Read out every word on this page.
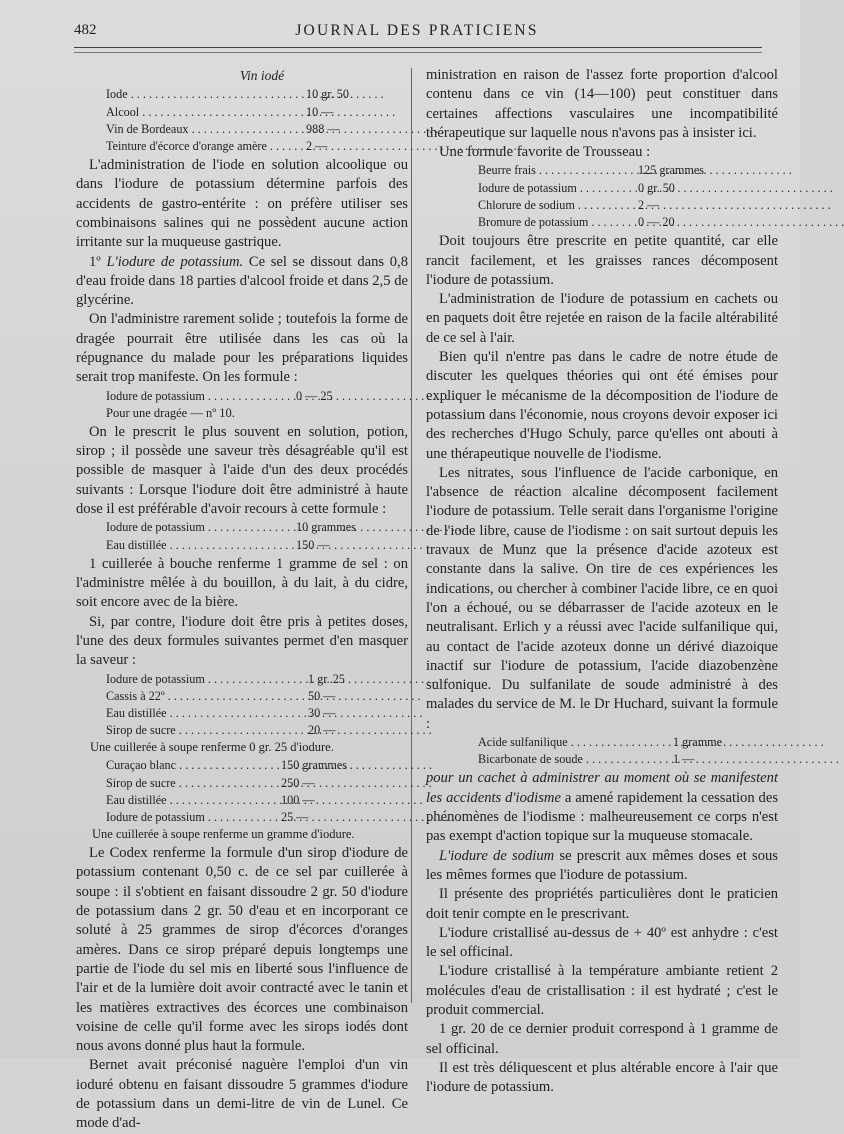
482	JOURNAL DES PRATICIENS
Vin iodé
Iode . . .	10 gr. 50
Alcool . . .	10 —
Vin de Bordeaux . . .	988 —
Teinture d'écorce d'orange amère . . .	2 —

L'administration de l'iode en solution alcoolique ou dans l'iodure de potassium détermine parfois des accidents de gastro-entérite : on préfère utiliser ses combinaisons salines qui ne possèdent aucune action irritante sur la muqueuse gastrique.

1º L'iodure de potassium. Ce sel se dissout dans 0,8 d'eau froide dans 18 parties d'alcool froide et dans 2,5 de glycérine.

On l'administre rarement solide ; toutefois la forme de dragée pourrait être utilisée dans les cas où la répugnance du malade pour les préparations liquides serait trop manifeste. On les formule :

Iodure de potassium . . .	0 — 25
Pour une dragée — nº 10.

On le prescrit le plus souvent en solution, potion, sirop ; il possède une saveur très désagréable qu'il est possible de masquer à l'aide d'un des deux procédés suivants : Lorsque l'iodure doit être administré à haute dose il est préférable d'avoir recours à cette formule :

Iodure de potassium . . .	10 grammes
Eau distillée . . .	150 —

1 cuillerée à bouche renferme 1 gramme de sel : on l'administre mêlée à du bouillon, à du lait, à du cidre, soit encore avec de la bière.

Si, par contre, l'iodure doit être pris à petites doses, l'une des deux formules suivantes permet d'en masquer la saveur :

Iodure de potassium . . .	1 gr. 25
Cassis à 22º . . .	50 —
Eau distillée . . .	30 —
Sirop de sucre . . .	20 —
Une cuillerée à soupe renferme 0 gr. 25 d'iodure.
Curaçao blanc . . .	150 grammes
Sirop de sucre . . .	250 —
Eau distillée . . .	100 —
Iodure de potassium . . .	25 —
Une cuillerée à soupe renferme un gramme d'iodure.

Le Codex renferme la formule d'un sirop d'iodure de potassium contenant 0,50 c. de ce sel par cuillerée à soupe : il s'obtient en faisant dissoudre 2 gr. 50 d'iodure de potassium dans 2 gr. 50 d'eau et en incorporant ce soluté à 25 grammes de sirop d'écorces d'oranges amères. Dans ce sirop préparé depuis longtemps une partie de l'iode du sel mis en liberté sous l'influence de l'air et de la lumière doit avoir contracté avec le tanin et les matières extractives des écorces une combinaison voisine de celle qu'il forme avec les sirops iodés dont nous avons donné plus haut la formule.

Bernet avait préconisé naguère l'emploi d'un vin ioduré obtenu en faisant dissoudre 5 grammes d'iodure de potassium dans un demi-litre de vin de Lunel. Ce mode d'ad-

ministration en raison de l'assez forte proportion d'alcool contenu dans ce vin (14—100) peut constituer dans certaines affections vasculaires une incompatibilité thérapeutique sur laquelle nous n'avons pas à insister ici.

Une formule favorite de Trousseau :

Beurre frais . . .	125 grammes
Iodure de potassium . . .	0 gr. 50
Chlorure de sodium . . .	2 —
Bromure de potassium . . .	0 — 20

Doit toujours être prescrite en petite quantité, car elle rancit facilement, et les graisses rances décomposent l'iodure de potassium.

L'administration de l'iodure de potassium en cachets ou en paquets doit être rejetée en raison de la facile altérabilité de ce sel à l'air.

Bien qu'il n'entre pas dans le cadre de notre étude de discuter les quelques théories qui ont été émises pour expliquer le mécanisme de la décomposition de l'iodure de potassium dans l'économie, nous croyons devoir exposer ici des recherches d'Hugo Schuly, parce qu'elles ont abouti à une thérapeutique nouvelle de l'iodisme.

Les nitrates, sous l'influence de l'acide carbonique, en l'absence de réaction alcaline décomposent facilement l'iodure de potassium. Telle serait dans l'organisme l'origine de l'iode libre, cause de l'iodisme : on sait surtout depuis les travaux de Munz que la présence d'acide azoteux est constante dans la salive. On tire de ces expériences les indications, ou chercher à combiner l'acide libre, ce en quoi l'on a échoué, ou se débarrasser de l'acide azoteux en le neutralisant. Erlich y a réussi avec l'acide sulfanilique qui, au contact de l'acide azoteux donne un dérivé diazoique inactif sur l'iodure de potassium, l'acide diazobenzène sulfonique. Du sulfanilate de soude administré à des malades du service de M. le Dr Huchard, suivant la formule :

Acide sulfanilique . . .	1 gramme
Bicarbonate de soude . . .	1 —

pour un cachet à administrer au moment où se manifestent les accidents d'iodisme a amené rapidement la cessation des phénomènes de l'iodisme : malheureusement ce corps n'est pas exempt d'action topique sur la muqueuse stomacale.

L'iodure de sodium se prescrit aux mêmes doses et sous les mêmes formes que l'iodure de potassium.

Il présente des propriétés particulières dont le praticien doit tenir compte en le prescrivant.

L'iodure cristallisé au-dessus de + 40º est anhydre : c'est le sel officinal.

L'iodure cristallisé à la température ambiante retient 2 molécules d'eau de cristallisation : il est hydraté ; c'est le produit commercial.

1 gr. 20 de ce dernier produit correspond à 1 gramme de sel officinal.

Il est très déliquescent et plus altérable encore à l'air que l'iodure de potassium.
